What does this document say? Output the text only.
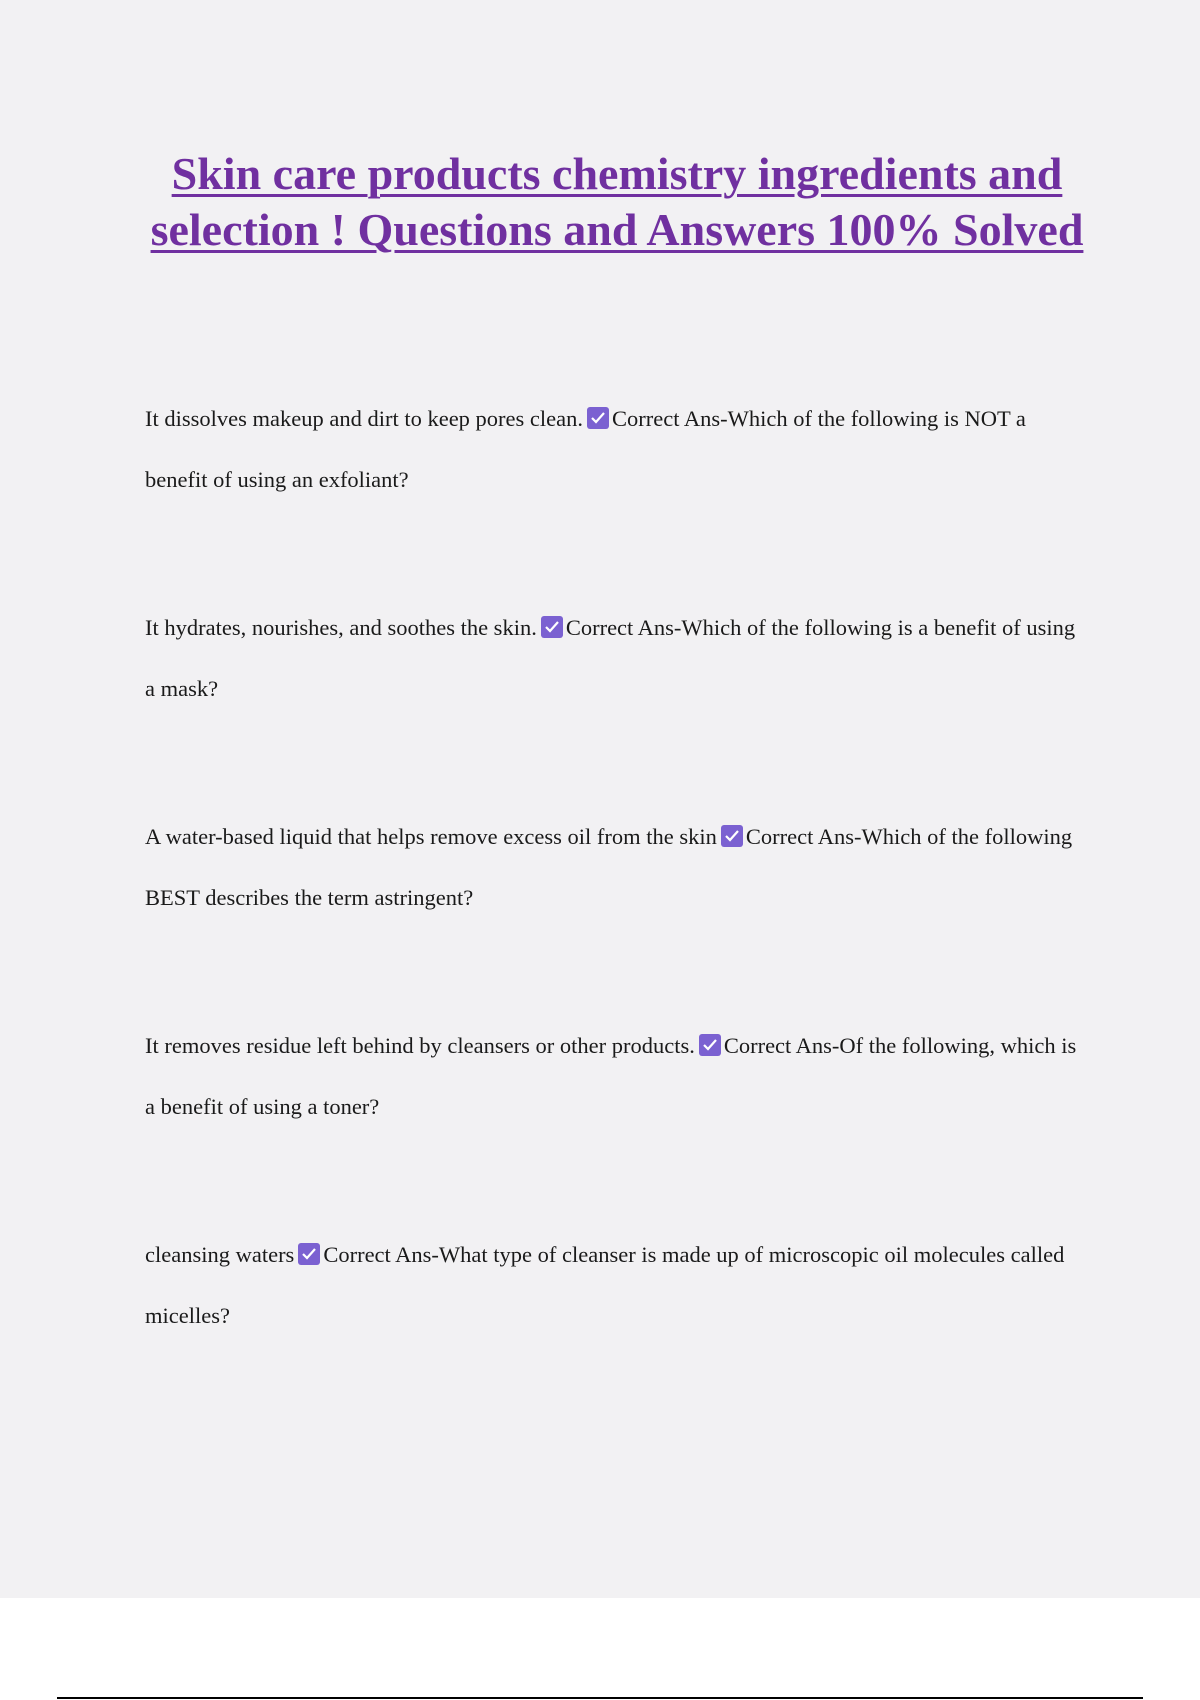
Skin care products chemistry ingredients and selection ! Questions and Answers 100% Solved

It dissolves makeup and dirt to keep pores clean. Correct Ans-Which of the following is NOT a benefit of using an exfoliant?

It hydrates, nourishes, and soothes the skin. Correct Ans-Which of the following is a benefit of using a mask?

A water-based liquid that helps remove excess oil from the skin Correct Ans-Which of the following BEST describes the term astringent?

It removes residue left behind by cleansers or other products. Correct Ans-Of the following, which is a benefit of using a toner?

cleansing waters Correct Ans-What type of cleanser is made up of microscopic oil molecules called micelles?
